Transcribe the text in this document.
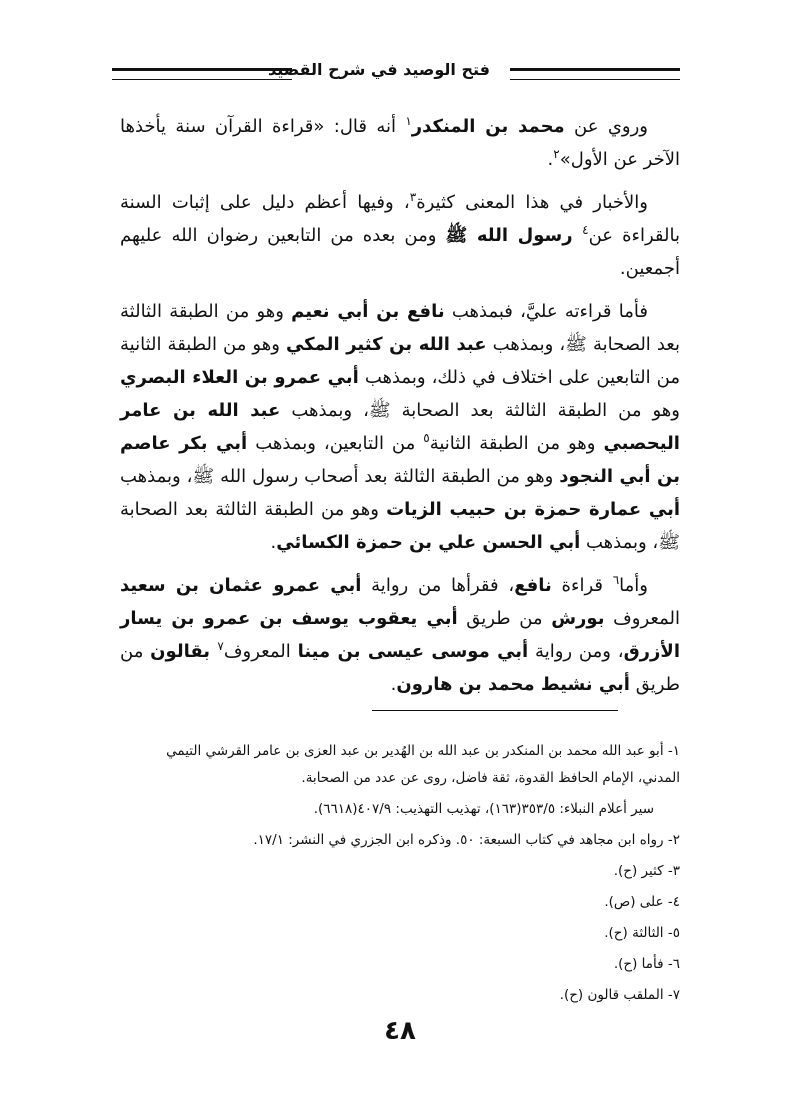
فتح الوصيد في شرح القصيد

وروي عن محمد بن المنكدر$^١$ أنه قال: «قراءة القرآن سنة يأخذها الآخر عن الأول»$^٢$.

والأخبار في هذا المعنى كثيرة$^٣$، وفيها أعظم دليل على إثبات السنة بالقراءة عن$^٤$ رسول الله ﷺ ومن بعده من التابعين رضوان الله عليهم أجمعين.

فأما قراءته عليَّ، فبمذهب نافع بن أبي نعيم وهو من الطبقة الثالثة بعد الصحابة ﷺ، وبمذهب عبد الله بن كثير المكي وهو من الطبقة الثانية من التابعين على اختلاف في ذلك، وبمذهب أبي عمرو بن العلاء البصري وهو من الطبقة الثالثة بعد الصحابة ﷺ، وبمذهب عبد الله بن عامر اليحصبي وهو من الطبقة الثانية$^٥$ من التابعين، وبمذهب أبي بكر عاصم بن أبي النجود وهو من الطبقة الثالثة بعد أصحاب رسول الله ﷺ، وبمذهب أبي عمارة حمزة بن حبيب الزيات وهو من الطبقة الثالثة بعد الصحابة ﷺ، وبمذهب أبي الحسن علي بن حمزة الكسائي.

وأما$^٦$ قراءة نافع، فقرأها من رواية أبي عمرو عثمان بن سعيد المعروف بورش من طريق أبي يعقوب يوسف بن عمرو بن يسار الأزرق، ومن رواية أبي موسى عيسى بن مينا المعروف$^٧$ بقالون من طريق أبي نشيط محمد بن هارون.

١- أبو عبد الله محمد بن المنكدر بن عبد الله بن الهُدير بن عبد العزى بن عامر القرشي التيمي المدني، الإمام الحافظ القدوة، ثقة فاضل، روى عن عدد من الصحابة.
سير أعلام النبلاء: ٣٥٣/٥(١٦٣)، تهذيب التهذيب: ٤٠٧/٩(٦٦١٨).
٢- رواه ابن مجاهد في كتاب السبعة: ٥٠. وذكره ابن الجزري في النشر: ١٧/١.
٣- كثير (ح).
٤- على (ص).
٥- الثالثة (ح).
٦- فأما (ح).
٧- الملقب قالون (ح).
٤٨
